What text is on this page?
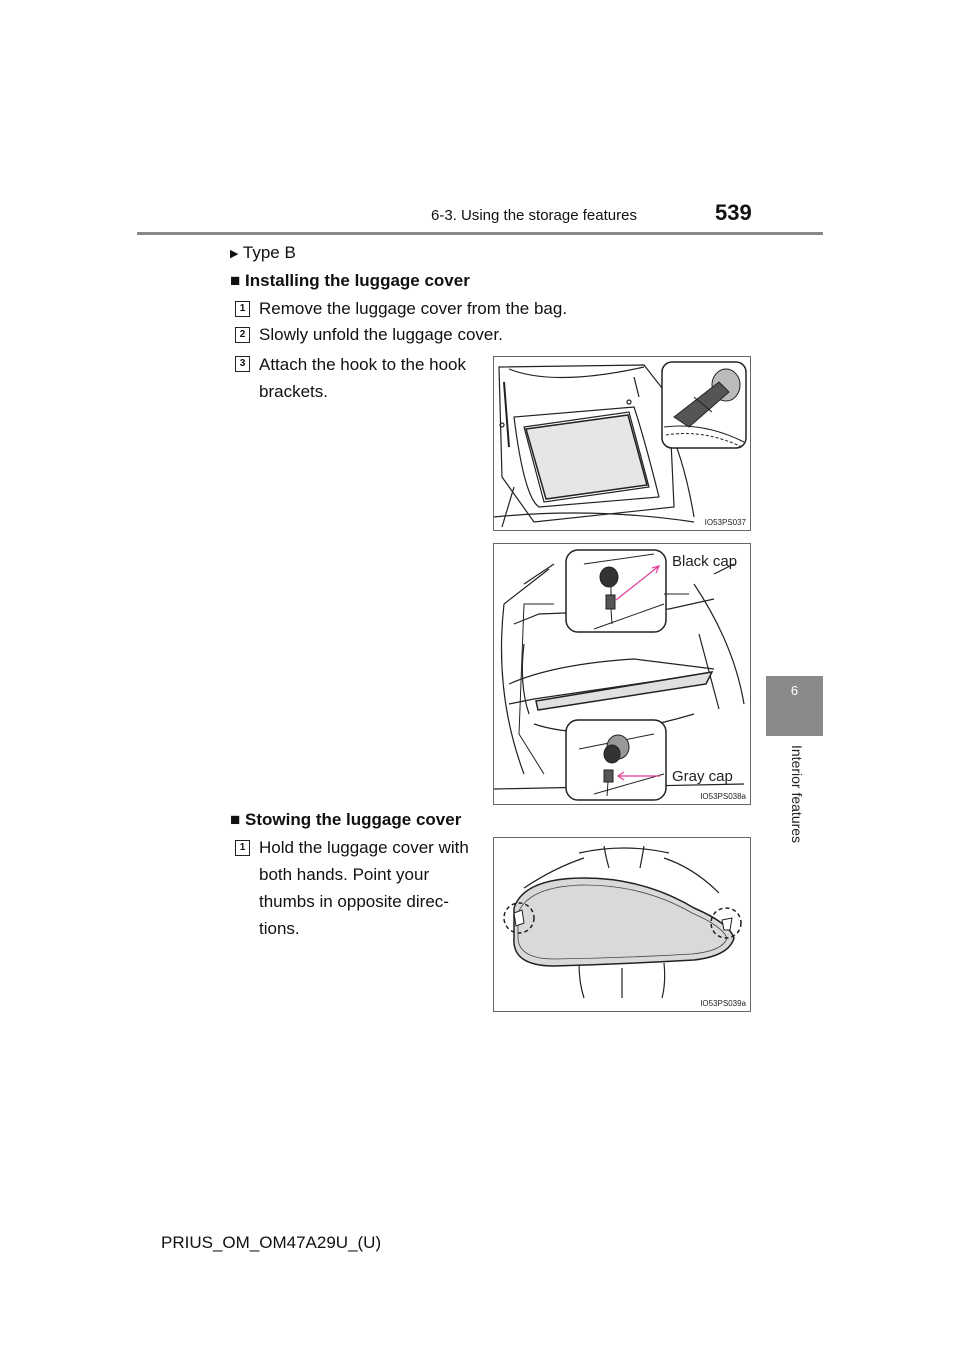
6-3. Using the storage features	539
6
Interior features
▶ Type B
■ Installing the luggage cover
1 Remove the luggage cover from the bag.
2 Slowly unfold the luggage cover.
3 Attach the hook to the hook
brackets.
IO53PS037
Black cap
Gray cap
IO53PS038a
■ Stowing the luggage cover
1 Hold the luggage cover with
both hands. Point your
thumbs in opposite direc-
tions.
IO53PS039a
PRIUS_OM_OM47A29U_(U)
